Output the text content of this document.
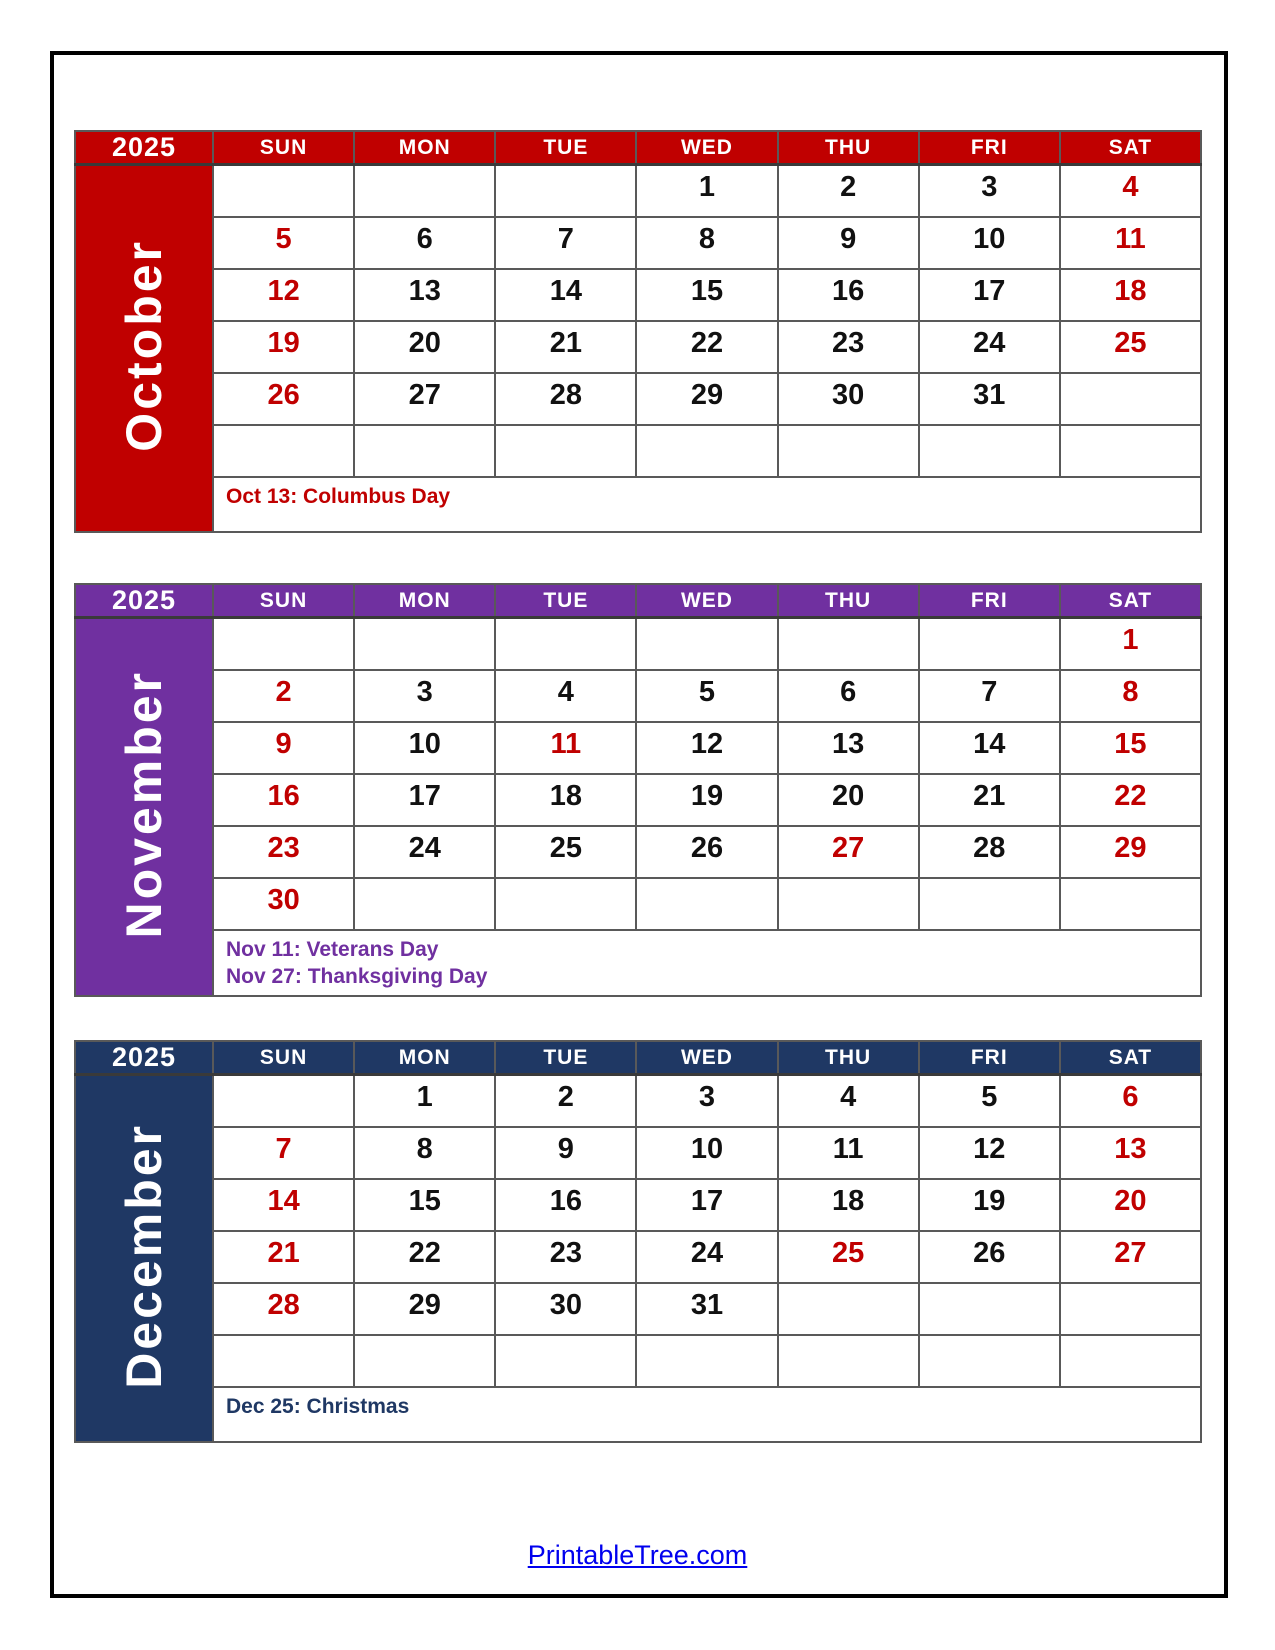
2025	SUN	MON	TUE	WED	THU	FRI	SAT
October				1	2	3	4
	5	6	7	8	9	10	11
	12	13	14	15	16	17	18
	19	20	21	22	23	24	25
	26	27	28	29	30	31	

	Oct 13: Columbus Day						
2025	SUN	MON	TUE	WED	THU	FRI	SAT
November							1
	2	3	4	5	6	7	8
	9	10	11	12	13	14	15
	16	17	18	19	20	21	22
	23	24	25	26	27	28	29
	30						

	Nov 11: Veterans Day
Nov 27: Thanksgiving Day						
2025	SUN	MON	TUE	WED	THU	FRI	SAT
December		1	2	3	4	5	6
	7	8	9	10	11	12	13
	14	15	16	17	18	19	20
	21	22	23	24	25	26	27
	28	29	30	31			

	Dec 25: Christmas						
PrintableTree.com
